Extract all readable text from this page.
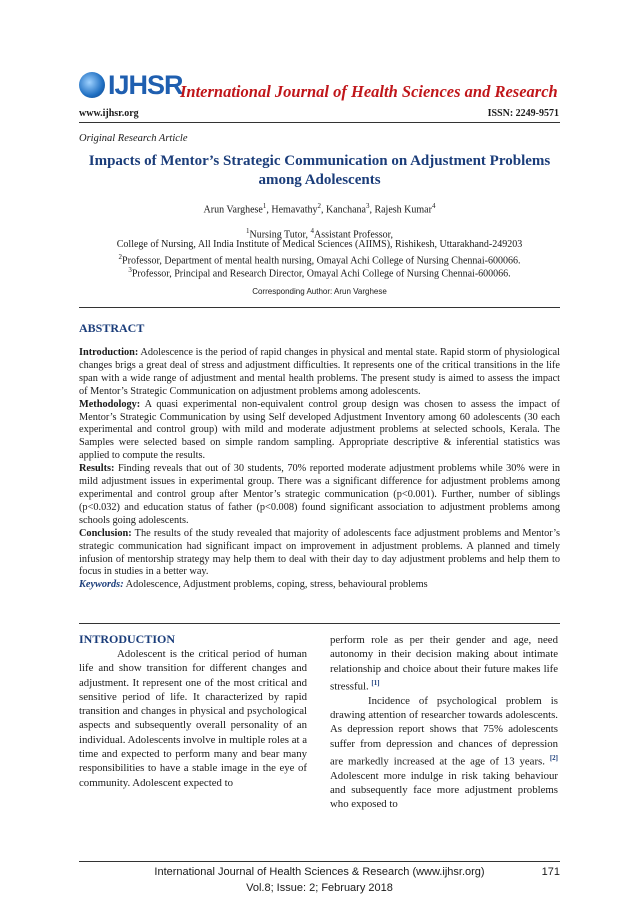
IJHSR
International Journal of Health Sciences and Research
www.ijhsr.org	ISSN: 2249-9571
Original Research Article
Impacts of Mentor’s Strategic Communication on Adjustment Problems among Adolescents
Arun Varghese$^1$, Hemavathy$^2$, Kanchana$^3$, Rajesh Kumar$^4$
$^1$Nursing Tutor, $^4$Assistant Professor,
College of Nursing, All India Institute of Medical Sciences (AIIMS), Rishikesh, Uttarakhand-249203
$^2$Professor, Department of mental health nursing, Omayal Achi College of Nursing Chennai-600066.
$^3$Professor, Principal and Research Director, Omayal Achi College of Nursing Chennai-600066.
Corresponding Author: Arun Varghese
ABSTRACT

Introduction: Adolescence is the period of rapid changes in physical and mental state. Rapid storm of physiological changes brigs a great deal of stress and adjustment difficulties. It represents one of the critical transitions in the life span with a wide range of adjustment and mental health problems. The present study is aimed to assess the impact of Mentor’s Strategic Communication on adjustment problems among adolescents.

Methodology: A quasi experimental non-equivalent control group design was chosen to assess the impact of Mentor’s Strategic Communication by using Self developed Adjustment Inventory among 60 adolescents (30 each experimental and control group) with mild and moderate adjustment problems at selected schools, Kerala. The Samples were selected based on simple random sampling. Appropriate descriptive & inferential statistics was applied to compute the results.

Results: Finding reveals that out of 30 students, 70% reported moderate adjustment problems while 30% were in mild adjustment issues in experimental group. There was a significant difference for adjustment problems among experimental and control group after Mentor’s strategic communication (p<0.001). Further, number of siblings (p<0.032) and education status of father (p<0.008) found significant association to adjustment problems among schools going adolescents.

Conclusion: The results of the study revealed that majority of adolescents face adjustment problems and Mentor’s strategic communication had significant impact on improvement in adjustment problems. A planned and timely infusion of mentorship strategy may help them to deal with their day to day adjustment problems and help them to focus in studies in a better way.

Keywords: Adolescence, Adjustment problems, coping, stress, behavioural problems

INTRODUCTION

Adolescent is the critical period of human life and show transition for different changes and adjustment. It represent one of the most critical and sensitive period of life. It characterized by rapid transition and changes in physical and psychological aspects and subsequently overall personality of an individual. Adolescents involve in multiple roles at a time and expected to perform many and bear many responsibilities to have a stable image in the eye of community. Adolescent expected to

perform role as per their gender and age, need autonomy in their decision making about intimate relationship and choice about their future makes life stressful. [1]

Incidence of psychological problem is drawing attention of researcher towards adolescents. As depression report shows that 75% adolescents suffer from depression and chances of depression are markedly increased at the age of 13 years. [2] Adolescent more indulge in risk taking behaviour and subsequently face more adjustment problems who exposed to

International Journal of Health Sciences & Research (www.ijhsr.org)	171
Vol.8; Issue: 2; February 2018
